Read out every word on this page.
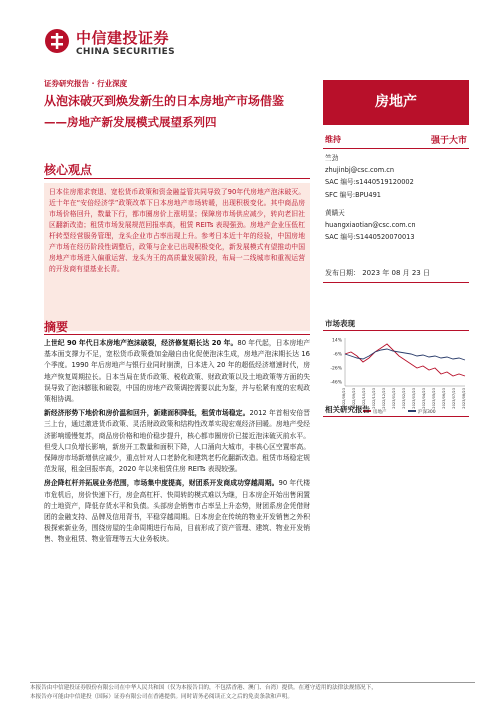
中信建投证券
CHINA SECURITIES
证券研究报告 · 行业深度
从泡沫破灭到焕发新生的日本房地产市场借鉴
——房地产新发展模式展望系列四
房地产
核心观点
日本住房需求衰退、宽松货币政策和资金融益管共同导致了90年代房地产泡沫破灭。近十年在“安倍经济学”政策改革下日本房地产市场转暖，出现积极变化。其中商品房市场价格回升，数量下行，都市圈房价上涨明显；保障房市场供应减少，转向老旧社区翻新改造；租赁市场发展规范回报率高，租赁 REITs 表现强劲。房地产企业压低杠杆转型经营服务管理，龙头企业市占率出现上升。参考日本近十年的经验，中国房地产市场在经历阶段性调整后，政策与企业已出现积极变化，新发展模式有望推动中国房地产市场进入偏重运营、龙头为王的高质量发展阶段，布局一二线城市和重视运营的开发商有望基业长青。
摘要

上世纪 90 年代日本房地产泡沫破裂，经济修复期长达 20 年。80 年代起，日本房地产基本面支撑力不足，宽松货币政策叠加金融自由化促使泡沫生成，房地产泡沫期长达 16 个季度。1990 年后房地产与银行业同时崩溃，日本进入 20 年的超低经济增速时代，房地产恢复周期拉长。日本当局在货币政策、税收政策、财政政策以及土地政策等方面的失误导致了泡沫膨胀和破裂，中国的房地产政策调控需要以此为鉴，并与松紧有度的宏观政策相协调。

新经济形势下地价和房价温和回升，新建面积降低，租赁市场稳定。2012 年首相安倍晋三上台，通过激进货币政策、灵活财政政策和结构性改革实现宏观经济回暖。房地产受经济影响缓慢复苏，商品房价格和地价稳步提升，核心都市圈房价已接近泡沫破灭前水平。但受人口负增长影响，新房开工数量和面积下降，人口涌向大城市，非核心区空置率高。保障房市场新增供应减少，重点针对人口老龄化和建筑老朽化翻新改造。租赁市场稳定规范发展，租金回报率高，2020 年以来租赁住房 REITs 表现较强。

房企降杠杆并拓展业务范围，市场集中度提高，财团系开发商成功穿越周期。90 年代楼市危机后，房价快速下行，房企高杠杆、快周转的模式难以为继，日本房企开始出售闲置的土地资产，降低存货水平和负债。头部房企销售市占率呈上升态势，财团系房企凭借财团的金融支持、品牌及信用背书，平稳穿越周期。日本房企在传统的物业开发销售之外积极探索新业务，围绕房屋的生命周期进行布局，目前形成了资产管理、建筑、物业开发销售、物业租赁、物业管理等五大业务板块。

维持	强于大市
竺劲
zhujinbj@csc.com.cn
SAC 编号:s1440519120002
SFC 编号:BPU491
黄瞒天
huangxiaotian@csc.com.cn
SAC 编号:S1440520070013
发布日期： 2023 年 08 月 23 日
市场表现
14%
-6%
-26%
-46%
2022/08/23 2022/09/23 2022/10/23 2022/11/23 2022/12/23 2023/01/23 2023/02/23 2023/03/23 2023/04/23 2023/05/23 2023/06/23 2023/07/23 2023/08/23
房地产	沪深300
相关研究报告
本报告由中信建投证券股份有限公司在中华人民共和国（仅为本报告目的，不包括香港、澳门、台湾）提供。在遵守适用的法律法规情况下，
本报告亦可能由中信建投（国际）证券有限公司在香港提供。同时请务必阅读正文之后的免责条款和声明。
